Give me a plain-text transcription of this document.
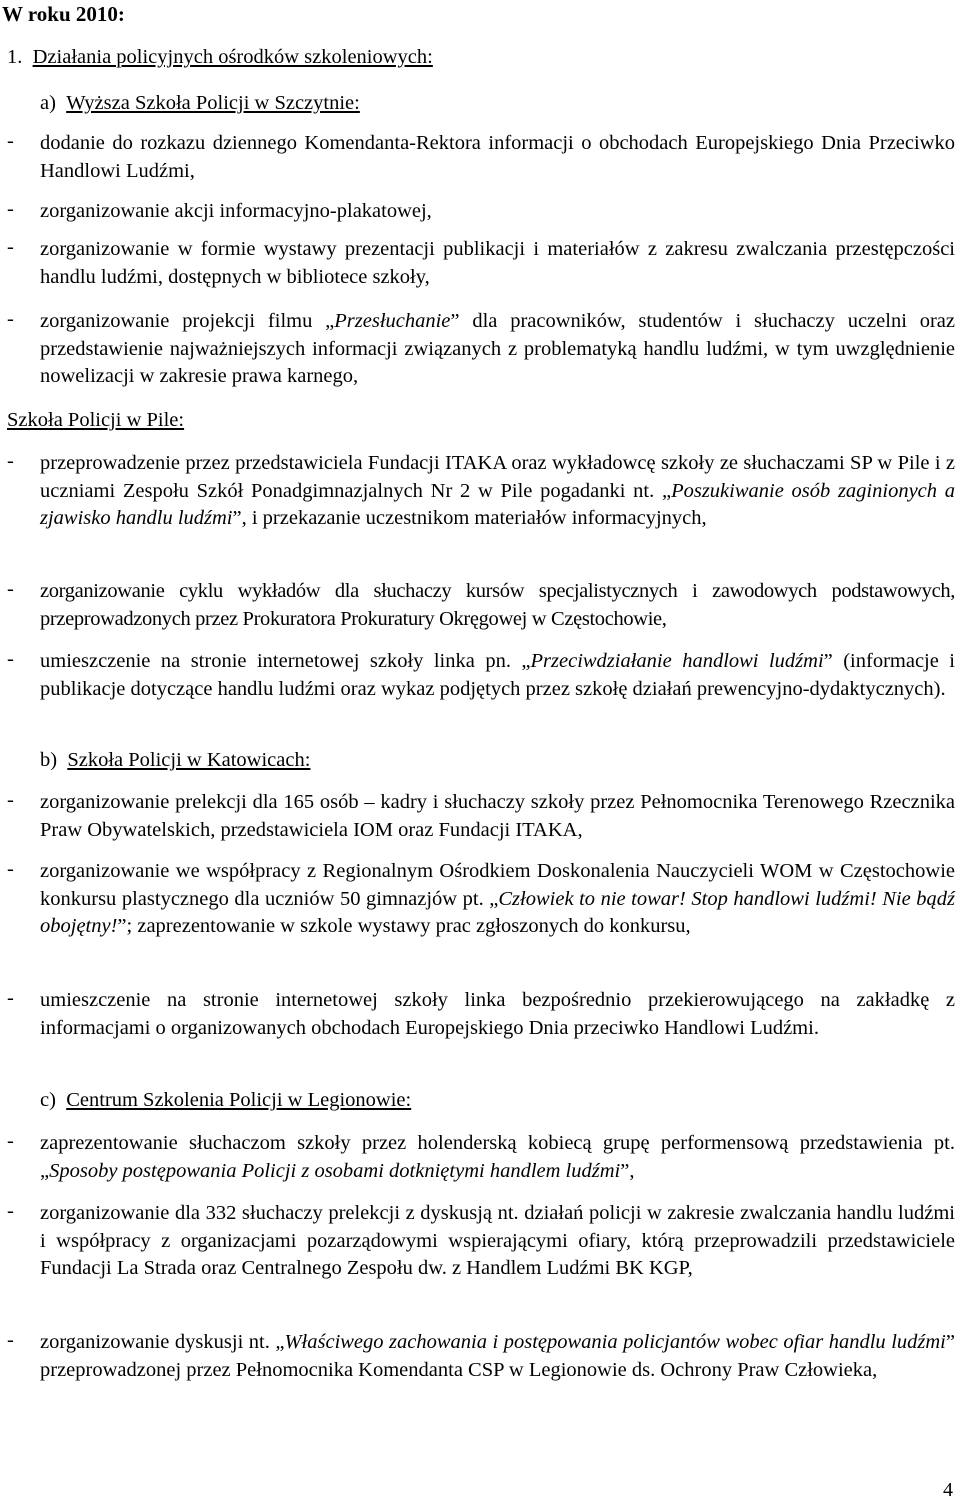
W roku 2010:
1. Działania policyjnych ośrodków szkoleniowych:
a) Wyższa Szkoła Policji w Szczytnie:
- dodanie do rozkazu dziennego Komendanta-Rektora informacji o obchodach Europejskiego Dnia Przeciwko Handlowi Ludźmi,
- zorganizowanie akcji informacyjno-plakatowej,
- zorganizowanie w formie wystawy prezentacji publikacji i materiałów z zakresu zwalczania przestępczości handlu ludźmi, dostępnych w bibliotece szkoły,
- zorganizowanie projekcji filmu „Przesłuchanie” dla pracowników, studentów i słuchaczy uczelni oraz przedstawienie najważniejszych informacji związanych z problematyką handlu ludźmi, w tym uwzględnienie nowelizacji w zakresie prawa karnego,
Szkoła Policji w Pile:
- przeprowadzenie przez przedstawiciela Fundacji ITAKA oraz wykładowcę szkoły ze słuchaczami SP w Pile i z uczniami Zespołu Szkół Ponadgimnazjalnych Nr 2 w Pile pogadanki nt. „Poszukiwanie osób zaginionych a zjawisko handlu ludźmi”, i przekazanie uczestnikom materiałów informacyjnych,
- zorganizowanie cyklu wykładów dla słuchaczy kursów specjalistycznych i zawodowych podstawowych, przeprowadzonych przez Prokuratora Prokuratury Okręgowej w Częstochowie,
- umieszczenie na stronie internetowej szkoły linka pn. „Przeciwdziałanie handlowi ludźmi” (informacje i publikacje dotyczące handlu ludźmi oraz wykaz podjętych przez szkołę działań prewencyjno-dydaktycznych).
b) Szkoła Policji w Katowicach:
- zorganizowanie prelekcji dla 165 osób – kadry i słuchaczy szkoły przez Pełnomocnika Terenowego Rzecznika Praw Obywatelskich, przedstawiciela IOM oraz Fundacji ITAKA,
- zorganizowanie we współpracy z Regionalnym Ośrodkiem Doskonalenia Nauczycieli WOM w Częstochowie konkursu plastycznego dla uczniów 50 gimnazjów pt. „Człowiek to nie towar! Stop handlowi ludźmi! Nie bądź obojętny!”; zaprezentowanie w szkole wystawy prac zgłoszonych do konkursu,
- umieszczenie na stronie internetowej szkoły linka bezpośrednio przekierowującego na zakładkę z informacjami o organizowanych obchodach Europejskiego Dnia przeciwko Handlowi Ludźmi.
c) Centrum Szkolenia Policji w Legionowie:
- zaprezentowanie słuchaczom szkoły przez holenderską kobiecą grupę performensową przedstawienia pt. „Sposoby postępowania Policji z osobami dotkniętymi handlem ludźmi”,
- zorganizowanie dla 332 słuchaczy prelekcji z dyskusją nt. działań policji w zakresie zwalczania handlu ludźmi i współpracy z organizacjami pozarządowymi wspierającymi ofiary, którą przeprowadzili przedstawiciele Fundacji La Strada oraz Centralnego Zespołu dw. z Handlem Ludźmi BK KGP,
- zorganizowanie dyskusji nt. „Właściwego zachowania i postępowania policjantów wobec ofiar handlu ludźmi” przeprowadzonej przez Pełnomocnika Komendanta CSP w Legionowie ds. Ochrony Praw Człowieka,
4
